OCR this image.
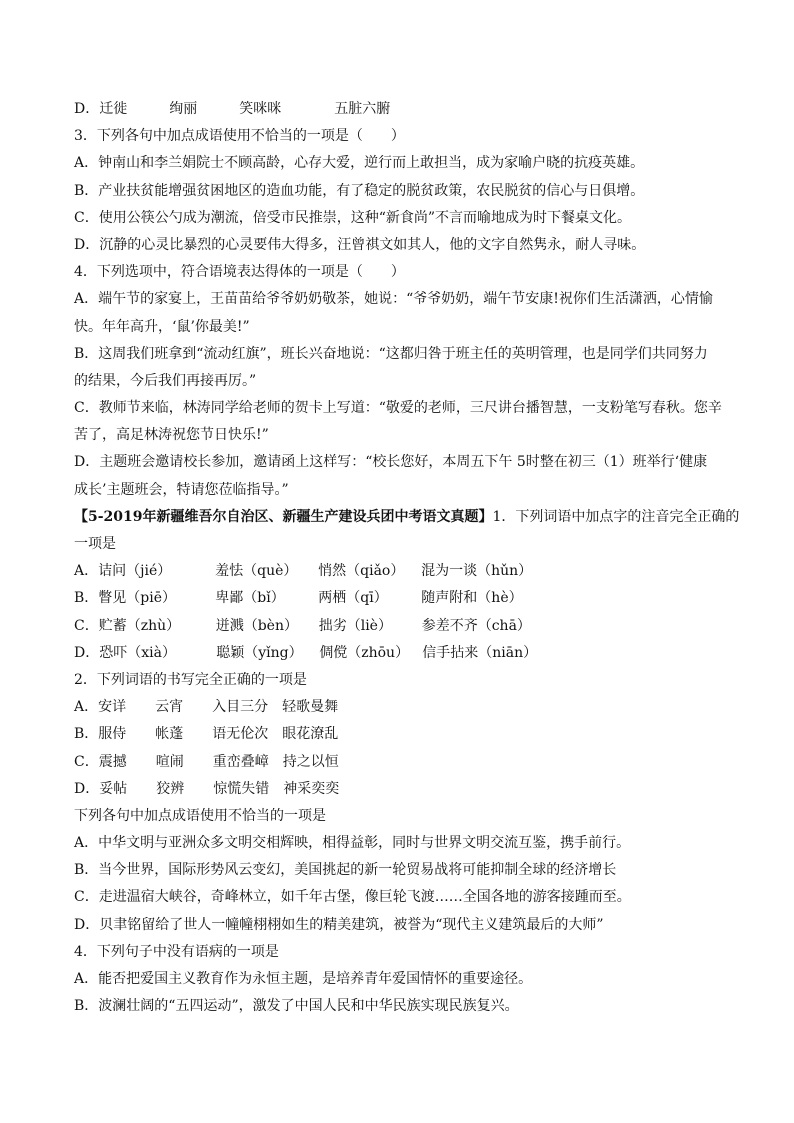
D．迁徙	绚丽	笑咪咪	五脏六腑
3．下列各句中加点成语使用不恰当的一项是（　　）
A．钟南山和李兰娟院士不顾高龄，心存大爱，逆行而上敢担当，成为家喻户晓的抗疫英雄。
B．产业扶贫能增强贫困地区的造血功能，有了稳定的脱贫政策，农民脱贫的信心与日俱增。
C．使用公筷公勺成为潮流，倍受市民推崇，这种“新食尚”不言而喻地成为时下餐桌文化。
D．沉静的心灵比暴烈的心灵要伟大得多，汪曾祺文如其人，他的文字自然隽永，耐人寻味。
4．下列选项中，符合语境表达得体的一项是（　　）
A．端午节的家宴上，王苗苗给爷爷奶奶敬茶，她说：“爷爷奶奶，端午节安康!祝你们生活潇洒，心情愉
快。年年高升，‘鼠’你最美!”
B．这周我们班拿到“流动红旗”，班长兴奋地说：“这都归咎于班主任的英明管理，也是同学们共同努力
的结果，今后我们再接再厉。”
C．教师节来临，林涛同学给老师的贺卡上写道：“敬爱的老师，三尺讲台播智慧，一支粉笔写春秋。您辛
苦了，高足林涛祝您节日快乐!”
D．主题班会邀请校长参加，邀请函上这样写：“校长您好，本周五下午 5时整在初三（1）班举行‘健康
成长’主题班会，特请您莅临指导。”
【5-2019年新疆维吾尔自治区、新疆生产建设兵团中考语文真题】1．下列词语中加点字的注音完全正确的
一项是
A．诘问（jié）	羞怯（què） 悄然（qiǎo） 混为一谈（hǔn）
B．瞥见（piē）	卑鄙（bǐ） 两栖（qī） 随声附和（hè）
C．贮蓄（zhù）	迸溅（bèn） 拙劣（liè） 参差不齐（chā）
D．恐吓（xià）	聪颖（yǐng） 倜傥（zhōu） 信手拈来（niān）
2．下列词语的书写完全正确的一项是
A．安详 云宵 入目三分 轻歌曼舞
B．服侍 帐蓬 语无伦次 眼花潦乱
C．震撼 喧闹 重峦叠嶂 持之以恒
D．妥帖 狡辨 惊慌失错 神采奕奕
下列各句中加点成语使用不恰当的一项是
A．中华文明与亚洲众多文明交相辉映，相得益彰，同时与世界文明交流互鉴，携手前行。
B．当今世界，国际形势风云变幻，美国挑起的新一轮贸易战将可能抑制全球的经济增长
C．走进温宿大峡谷，奇峰林立，如千年古堡，像巨轮飞渡……全国各地的游客接踵而至。
D．贝聿铭留给了世人一幢幢栩栩如生的精美建筑，被誉为“现代主义建筑最后的大师”
4．下列句子中没有语病的一项是
A．能否把爱国主义教育作为永恒主题，是培养青年爱国情怀的重要途径。
B．波澜壮阔的“五四运动”，激发了中国人民和中华民族实现民族复兴。
